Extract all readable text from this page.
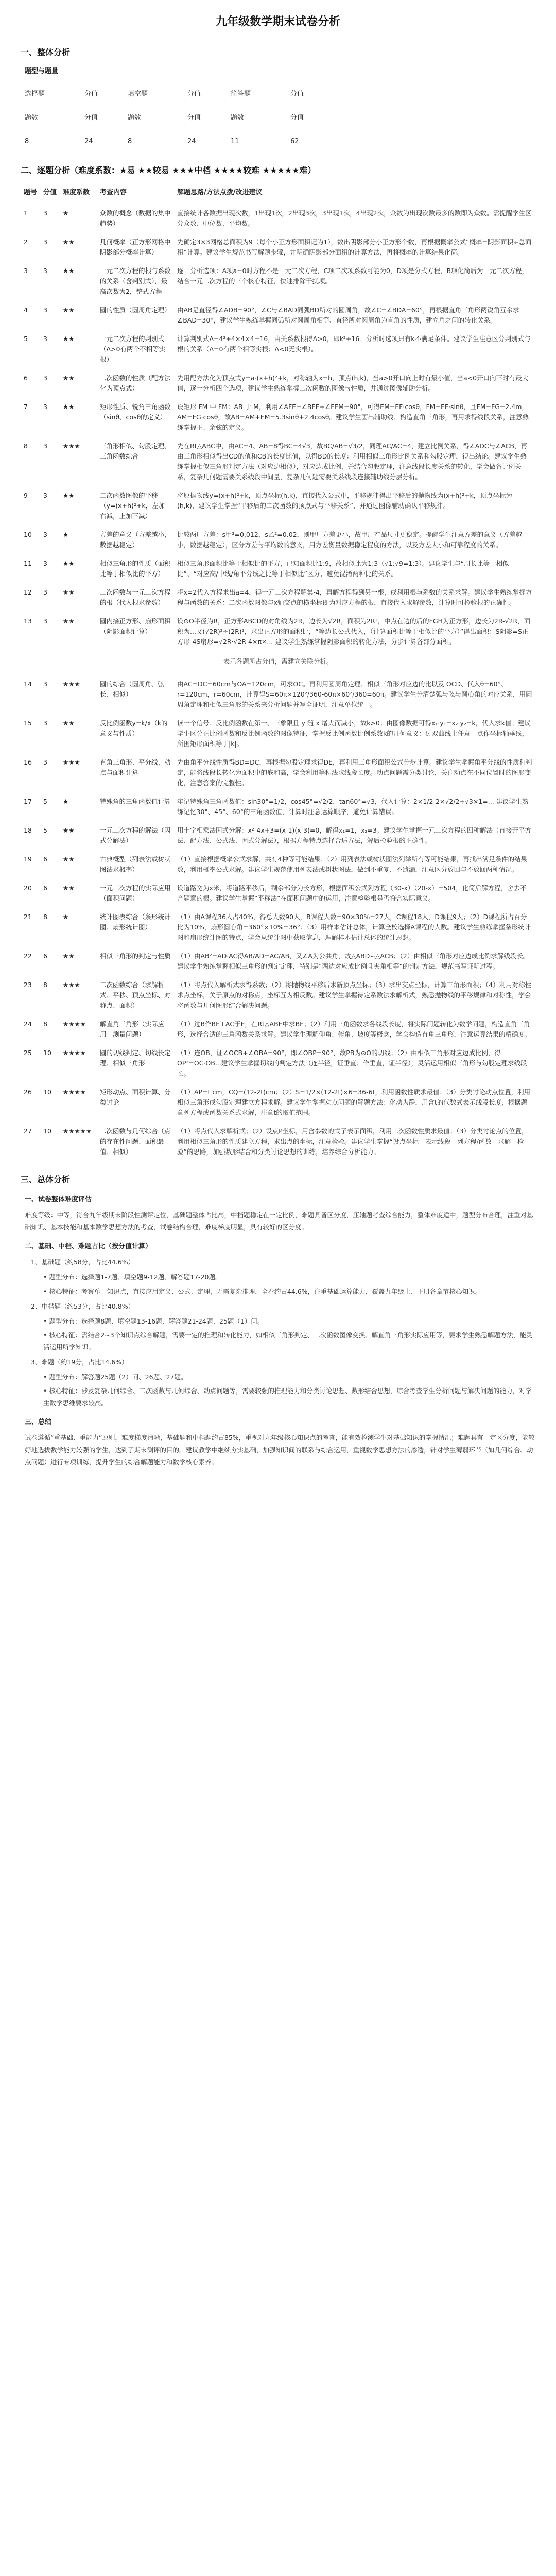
九年级数学期末试卷分析
一、整体分析
题型与题量
选择题	分值	填空题	分值	简答题	分值
题数	分值	题数	分值	题数	分值
8	24	8	24	11	62
二、逐题分析（难度系数：★易 ★★较易 ★★★中档 ★★★★较难 ★★★★★难）
题号	分值	难度系数	考查内容	解题思路/方法点拨/改进建议
1	3	★	众数的概念（数据的集中趋势）	直接统计各数据出现次数，1出现1次，2出现3次，3出现1次，4出现2次，众数为出现次数最多的数即为众数。需提醒学生区分众数、中位数、平均数。
2	3	★★	几何概率（正方形网格中阴影部分概率计算）	先确定3×3网格总面积为9（每个小正方形面积记为1），数出阴影部分小正方形个数，再根据概率公式“概率=阴影面积÷总面积”计算。建议学生规范书写解题步骤，并明确阴影部分面积的计算方法，再将概率的计算结果化简。
3	3	★★	一元二次方程的根与系数的关系（含判别式），最高次数为2，整式方程	逐一分析选项：A项a=0时方程不是一元二次方程，C项二次项系数可能为0，D项是分式方程，B项化简后为一元二次方程，结合一元二次方程的三个核心特征，快速排除干扰项。
4	3	★★	圆的性质（圆周角定理）	由AB是直径得∠ADB=90°，∠C与∠BAD同弧BD所对的圆周角，故∠C=∠BDA=60°，再根据直角三角形两锐角互余求∠BAD=30°，建议学生熟练掌握同弧所对圆周角相等、直径所对圆周角为直角的性质，建立角之间的转化关系。
5	3	★★	一元二次方程的判别式（Δ>0有两个不相等实根）	计算判别式Δ=4²+4×4×4=16，由关系数根得Δ>0，即k²+16。分析时选项只有k不满足条件。建议学生注意区分判别式与根的关系（Δ=0有两个相等实根；Δ<0无实根）。
6	3	★★	二次函数的性质（配方法化为顶点式）	先用配方法化为顶点式y=a·(x+h)²+k，对称轴为x=h，顶点(h,k)，当a>0开口向上时有最小值，当a<0开口向下时有最大值，逐一分析四个选项，建议学生熟练掌握二次函数的图像与性质，并通过图像辅助分析。
7	3	★★	矩形性质、锐角三角函数（sinθ、cosθ的定义）	设矩形 FM 中 FM：AB 于 M，利用∠AFE=∠BFE+∠FEM=90°，可得EM=EF·cosθ，FM=EF·sinθ，且FM=FG=2.4m，AM=FG·cosθ，故AB=AM+EM=5.3sinθ+2.4cosθ。建议学生画出辅助线、构造直角三角形，再用求得线段关系，注意熟练掌握正、余弦的定义。
8	3	★★★	三角形相似、勾股定理、三角函数综合	先在Rt△ABC中，由AC=4、AB=8得BC=4√3，故BC/AB=√3/2，同理AC/AC=4，建立比例关系，得∠ADC与∠ACB，再由三角形相似得出CD的值和CB的长度比值，以得BD的长度：利用相似三角形比例关系和勾股定理，得出结论。建议学生熟练掌握相似三角形判定方法（对应边相似），对应边成比例，并结合勾股定理，注意线段长度关系的转化，学会做各比例关系，复杂几何题需要关系线段中间量，复杂几何题需要关系线段连接辅助线分层分析。
9	3	★★	二次函数图像的平移（y=(x+h)²+k，左加右减，上加下减）	将原抛物线y=(x+h)²+k，顶点坐标(h,k)，直接代入公式中，平移规律得出平移后的抛物线为(x+h)²+k，顶点坐标为(h,k)，建议学生掌握“平移后的二次函数的顶点式与平移关系”，并通过图像辅助确认平移规律。
10	3	★	方差的意义（方差越小，数据越稳定）	比较两厂方差：s甲²=0.012，s乙²=0.02，则甲厂方差更小，故甲厂产品尺寸更稳定。提醒学生注意方差的意义（方差越小，数据越稳定），区分方差与平均数的意义，用方差衡量数据稳定程度的方法，以及方差大小和可靠程度的关系。
11	3	★★	相似三角形的性质（面积比等于相似比的平方）	相似三角形面积比等于相似比的平方，已知面积比1:9，故相似比为1:3（√1:√9=1:3）。建议学生与“周长比等于相似比”、“对应高/中线/角平分线之比等于相似比”区分，避免混淆两种比的关系。
12	3	★★	二次函数与一元二次方程的根（代入根求参数）	将x=2代入方程求出a=4，得一元二次方程解集-4，再解方程得到另一根，或利用根与系数的关系求解。建议学生熟练掌握方程与函数的关系：二次函数图像与x轴交点的横坐标即为对应方程的根，直接代入求解参数，计算时可检验根的正确性。
13	3	★★	圆内接正方形、扇形面积（阴影面积计算）	设⊙O半径为R，正方形ABCD的对角线为2R，边长为√2R，面积为2R²，中点在边的后的FGH为正方形，边长为2R-√2R，面积为...又(√2R)²÷(2R)²，求出正方形的面积比，“等边长公式代入，（计算面积比等于相似比的平方）”得出面积：S阴影=S正方形-4S扇形=√2R·√2R-4×π×... 建议学生熟练掌握阴影面积的转化方法，分步计算各部分面积。
表示各题所占分值，需建立关联分析。				
14	3	★★★	圆的综合（圆周角、弦长、相似）	由AC=DC=60cm与OA=120cm，可求OC。再利用圆周角定理、相似三角形对应边的比以及 OCD、代入θ=60°、r=120cm，r=60cm，计算得S=60π×120²/360-60π×60²/360=60π。建议学生分清楚弧与弦与圆心角的对应关系，用圆周角定理和相似三角形的关系来分析问题并写全证明，注意单位统一。
15	3	★★	反比例函数y=k/x（k的意义与性质）	读一个信号：反比例函数在第一、三象限且 y 随 x 增大而减小，故k>0；由图像数据可得x₁·y₁=x₂·y₂=k，代入求k值。建议学生区分正比例函数和反比例函数的图像特征，掌握反比例函数比例系数k的几何意义：过双曲线上任意一点作坐标轴垂线，所围矩形面积等于|k|。
16	3	★★★	直角三角形、平分线、动点与面积计算	先由角平分线性质得BD=DC，再根据勾股定理求得DE，再利用三角形面积公式分步计算。建议学生掌握角平分线的性质和判定，能将线段长转化为面积中的底和高，学会利用等积法求线段长度。动点问题需分类讨论，关注动点在不同位置时的图形变化，注意答案的完整性。
17	5	★	特殊角的三角函数值计算	牢记特殊角三角函数值：sin30°=1/2，cos45°=√2/2，tan60°=√3，代入计算：2×1/2-2×√2/2+√3×1=... 建议学生熟练记忆30°、45°、60°的三角函数值，计算时注意运算顺序，避免计算错误。
18	5	★★	一元二次方程的解法（因式分解法）	用十字相乘法因式分解：x²-4x+3=(x-1)(x-3)=0，解得x₁=1，x₂=3。建议学生掌握一元二次方程的四种解法（直接开平方法、配方法、公式法、因式分解法），根据方程特点选择合适方法，解后检验根的正确性。
19	6	★★	古典概型（列表法或树状图法求概率）	（1）直接根据概率公式求解，共有4种等可能结果；（2）用列表法或树状图法列举所有等可能结果，再找出满足条件的结果数，利用概率公式求解。建议学生规范使用列表法或树状图法，做到不重复、不遗漏，注意区分放回与不放回两种情况。
20	6	★★	一元二次方程的实际应用（面积问题）	设道路宽为x米，将道路平移后，剩余部分为长方形，根据面积公式列方程（30-x）（20-x）=504，化简后解方程，舍去不合题意的根。建议学生掌握“平移法”在面积问题中的运用，注意检验根是否符合实际意义。
21	8	★	统计图表综合（条形统计图、扇形统计图）	（1）由A课程36人占40%，得总人数90人，B课程人数=90×30%=27人，C课程18人，D课程9人；（2）D课程所占百分比为10%，扇形圆心角=360°×10%=36°；（3）用样本估计总体，计算全校选择A课程的人数。建议学生熟练掌握条形统计图和扇形统计图的特点，学会从统计图中获取信息，理解样本估计总体的统计思想。
22	6	★★	相似三角形的判定与性质	（1）由AB²=AD·AC得AB/AD=AC/AB，又∠A为公共角，故△ABD∽△ACB；（2）由相似三角形对应边成比例求解线段长。建议学生熟练掌握相似三角形的判定定理，特别是“两边对应成比例且夹角相等”的判定方法，规范书写证明过程。
23	8	★★★	二次函数综合（求解析式、平移、顶点坐标、对称点、面积）	（1）将点代入解析式求得系数；（2）将抛物线平移后求新顶点坐标；（3）求出交点坐标，计算三角形面积；（4）利用对称性求点坐标，关于原点的对称点，坐标互为相反数。建议学生掌握待定系数法求解析式，熟悉抛物线的平移规律和对称性，学会将函数与几何图形结合解决问题。
24	8	★★★★	解直角三角形（实际应用：测量问题）	（1）过B作BE⊥AC于E，在Rt△ABE中求BE；（2）利用三角函数求各线段长度，将实际问题转化为数学问题，构造直角三角形，选择合适的三角函数关系求解。建议学生理解仰角、俯角、坡度等概念，学会构造直角三角形，注意运算结果的精确度。
25	10	★★★★	圆的切线判定、切线长定理、相似三角形	（1）连OB，证∠OCB+∠OBA=90°，即∠OBP=90°，故PB为⊙O的切线；（2）由相似三角形对应边成比例，得OP²=OC·OB...建议学生掌握切线的判定方法（连半径，证垂直；作垂直，证半径），灵活运用相似三角形与勾股定理求线段长。
26	10	★★★★	矩形动点、面积计算、分类讨论	（1）AP=t cm，CQ=(12-2t)cm；（2）S=1/2×(12-2t)×6=36-6t，利用函数性质求最值；（3）分类讨论动点位置，利用相似三角形或勾股定理建立方程求解。建议学生掌握动点问题的解题方法：化动为静，用含t的代数式表示线段长度，根据题意列方程或函数关系式求解，注意t的取值范围。
27	10	★★★★★	二次函数与几何综合（点的存在性问题、面积最值、相似）	（1）将点代入求解析式；（2）设点P坐标，用含参数的式子表示面积，利用二次函数性质求最值；（3）分类讨论点的位置，利用相似三角形的性质建立方程，求出点的坐标，注意检验。建议学生掌握“设点坐标—表示线段—列方程/函数—求解—检验”的思路，加强数形结合和分类讨论思想的训练，培养综合分析能力。
三、总体分析
一、试卷整体难度评估
难度等级：中等，符合九年级期末阶段性测评定位，基础题整体占比高，中档题稳定在一定比例，难题具备区分度，压轴题考查综合能力，整体难度适中，题型分布合理，注重对基础知识、基本技能和基本数学思想方法的考查，试卷结构合理，难度梯度明显，具有较好的区分度。
二、基础、中档、难题占比（按分值计算）
1、基础题（约58分，占比44.6%）
• 题型分布：选择题1-7题、填空题9-12题、解答题17-20题。
• 核心特征：考察单一知识点，直接应用定义、公式、定理，无需复杂推理，全卷约占44.6%，注重基础运算能力，覆盖九年级上、下册各章节核心知识。
2、中档题（约53分，占比40.8%）
• 题型分布：选择题8题、填空题13-16题、解答题21-24题、25题（1）问。
• 核心特征：需结合2~3个知识点综合解题，需要一定的推理和转化能力，如相似三角形判定、二次函数图像变换、解直角三角形实际应用等，要求学生熟悉解题方法，能灵活运用所学知识。
3、难题（约19分，占比14.6%）
• 题型分布：解答题25题（2）问、26题、27题。
• 核心特征：涉及复杂几何综合、二次函数与几何综合、动点问题等，需要较强的推理能力和分类讨论思想、数形结合思想，综合考查学生分析问题与解决问题的能力，对学生数学思维要求较高。
三、总结
试卷遵循“重基础、重能力”原则，难度梯度清晰，基础题和中档题约占85%，重视对九年级核心知识点的考查，能有效检测学生对基础知识的掌握情况；难题具有一定区分度，能较好地选拔数学能力较强的学生，达到了期末测评的目的。建议教学中继续夯实基础，加强知识间的联系与综合运用，重视数学思想方法的渗透，针对学生薄弱环节（如几何综合、动点问题）进行专项训练，提升学生的综合解题能力和数学核心素养。
